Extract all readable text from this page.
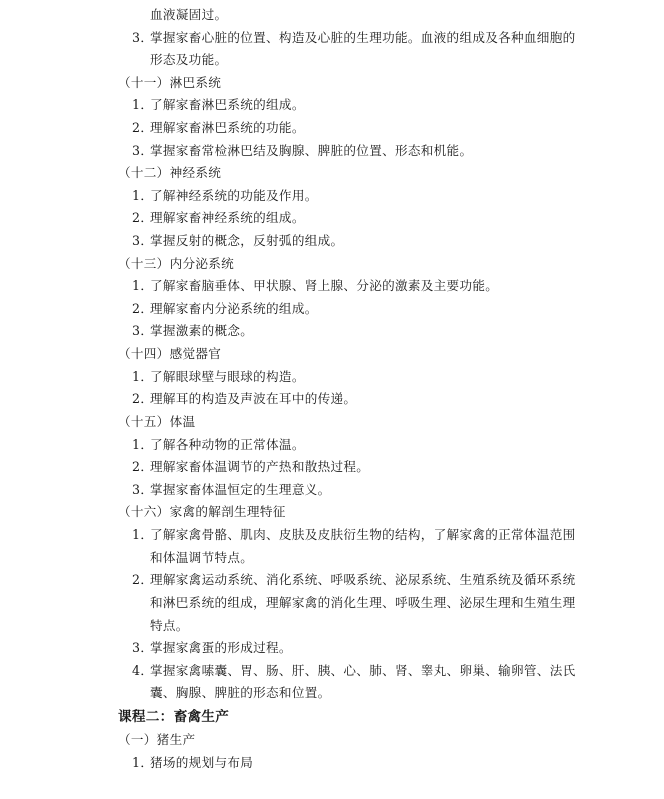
血液凝固过。
3．掌握家畜心脏的位置、构造及心脏的生理功能。血液的组成及各种血细胞的
形态及功能。
（十一）淋巴系统
1．了解家畜淋巴系统的组成。
2．理解家畜淋巴系统的功能。
3．掌握家畜常检淋巴结及胸腺、脾脏的位置、形态和机能。
（十二）神经系统
1．了解神经系统的功能及作用。
2．理解家畜神经系统的组成。
3．掌握反射的概念，反射弧的组成。
（十三）内分泌系统
1．了解家畜脑垂体、甲状腺、肾上腺、分泌的激素及主要功能。
2．理解家畜内分泌系统的组成。
3．掌握激素的概念。
（十四）感觉器官
1．了解眼球壁与眼球的构造。
2．理解耳的构造及声波在耳中的传递。
（十五）体温
1．了解各种动物的正常体温。
2．理解家畜体温调节的产热和散热过程。
3．掌握家畜体温恒定的生理意义。
（十六）家禽的解剖生理特征
1．了解家禽骨骼、肌肉、皮肤及皮肤衍生物的结构，了解家禽的正常体温范围
和体温调节特点。
2．理解家禽运动系统、消化系统、呼吸系统、泌尿系统、生殖系统及循环系统
和淋巴系统的组成，理解家禽的消化生理、呼吸生理、泌尿生理和生殖生理
特点。
3．掌握家禽蛋的形成过程。
4．掌握家禽嗉囊、胃、肠、肝、胰、心、肺、肾、睾丸、卵巢、输卵管、法氏
囊、胸腺、脾脏的形态和位置。
课程二：畜禽生产
（一）猪生产
1．猪场的规划与布局
